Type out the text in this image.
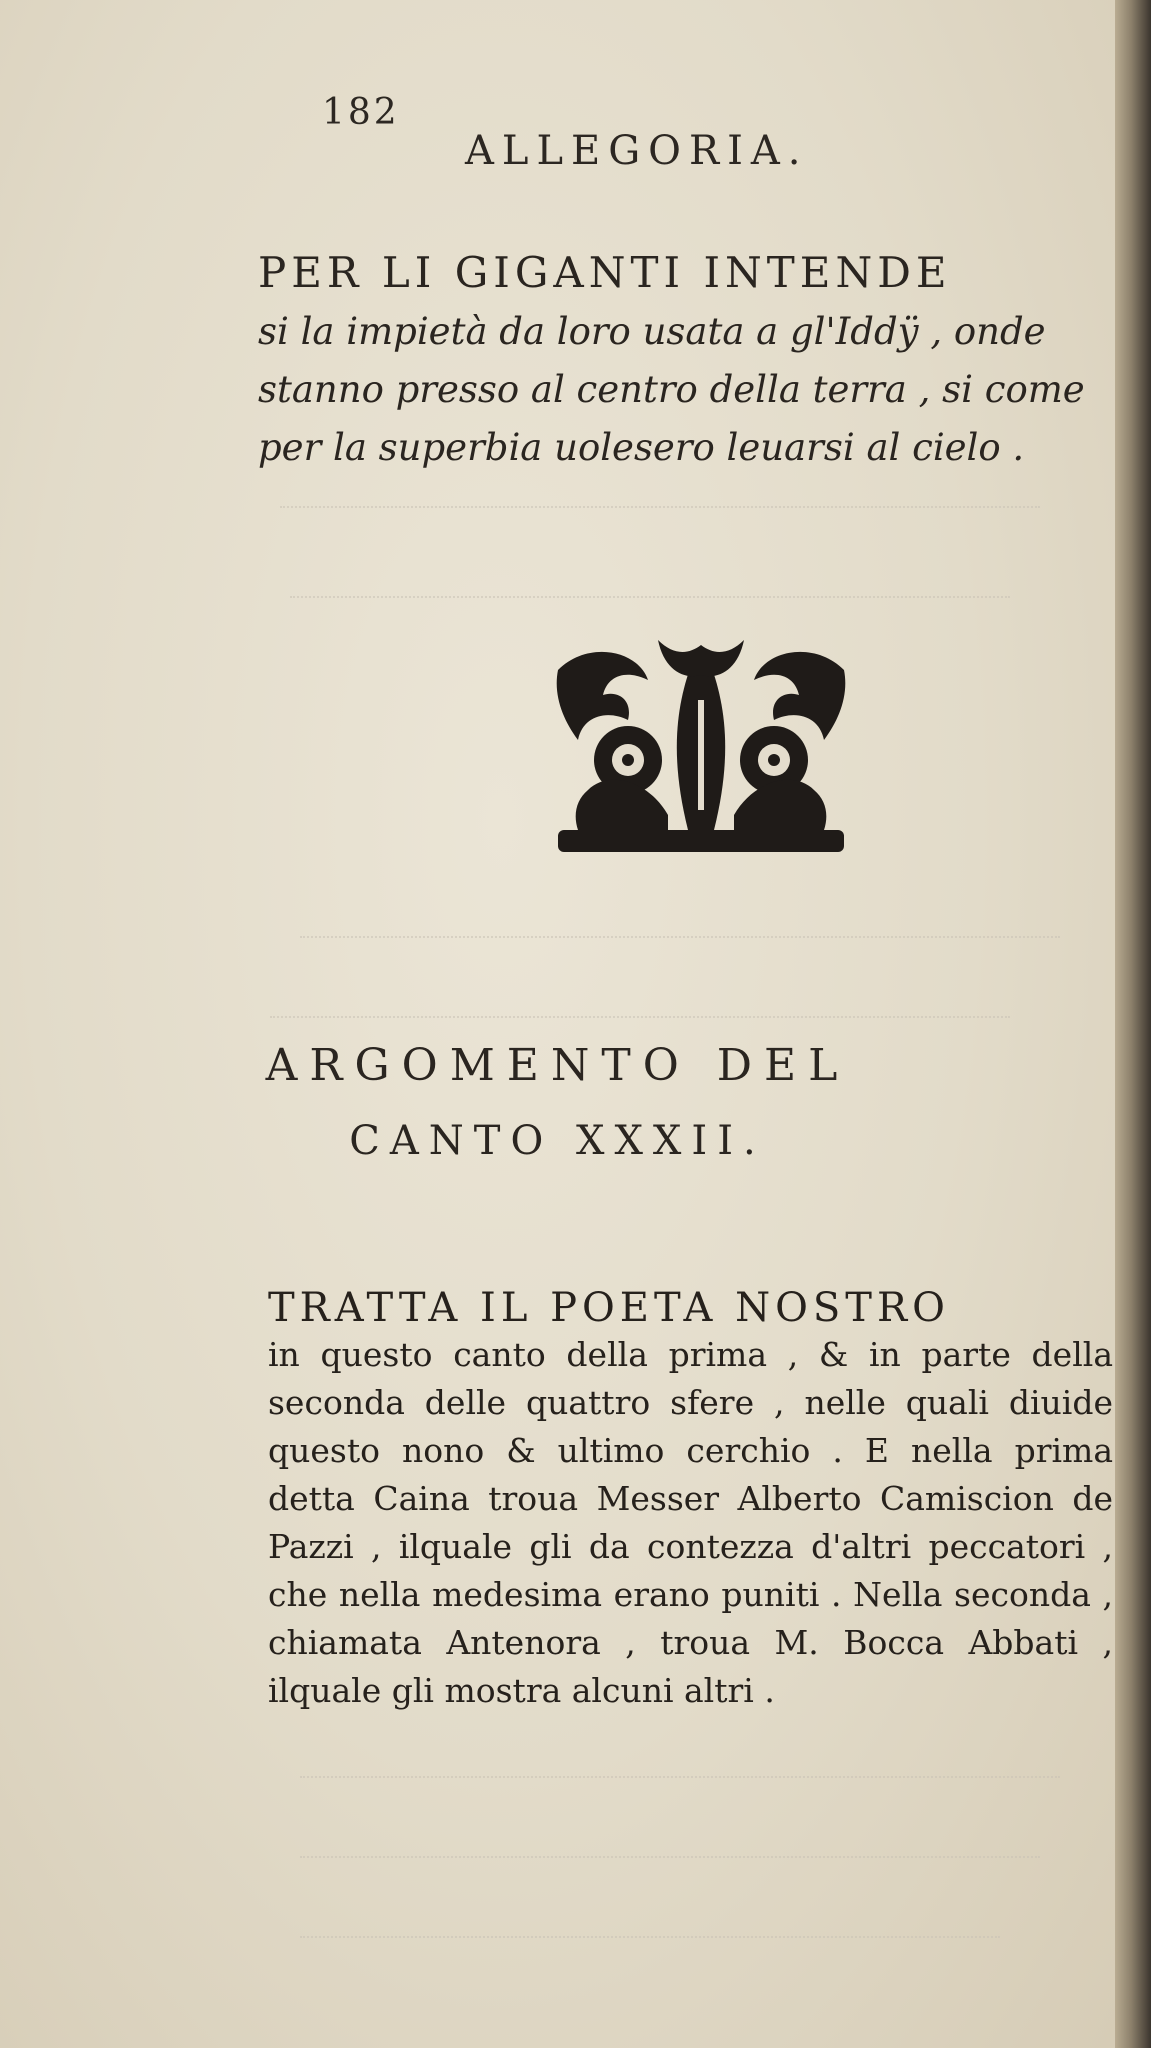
182
ALLEGORIA.
PER LI GIGANTI INTENDE
si la impietà da loro usata a gl'Iddÿ , onde stanno presso al centro della terra , si come per la superbia uolesero leuarsi al cielo .
ARGOMENTO DEL
CANTO XXXII.
TRATTA IL POETA NOSTRO
in questo canto della prima , & in parte della seconda delle quattro sfere , nelle quali diuide questo nono & ultimo cerchio . E nella prima detta Caina troua Messer Alberto Camiscion de Pazzi , ilquale gli da contezza d'altri peccatori , che nella medesima erano puniti . Nella seconda , chiamata Antenora , troua M. Bocca Abbati , ilquale gli mostra alcuni altri .
